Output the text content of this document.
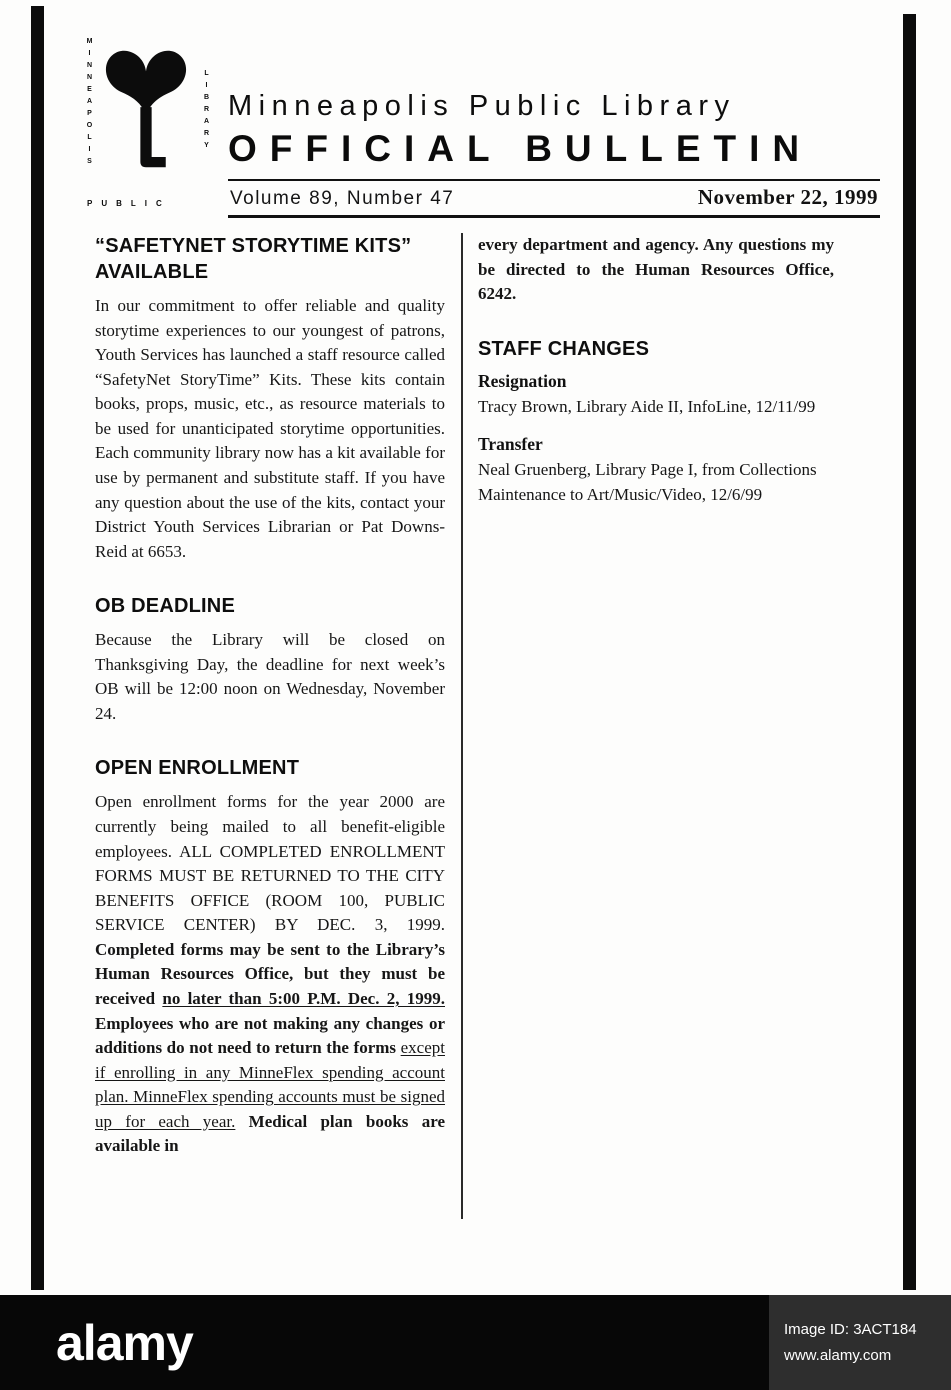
MINNEAPOLIS	LIBRARY
PUBLIC
Minneapolis Public Library
OFFICIAL BULLETIN
Volume 89, Number 47	November 22, 1999
“SAFETYNET STORYTIME KITS”
AVAILABLE

In our commitment to offer reliable and quality storytime experiences to our youngest of patrons, Youth Services has launched a staff resource called “SafetyNet StoryTime” Kits. These kits contain books, props, music, etc., as resource materials to be used for unanticipated storytime opportunities. Each community library now has a kit available for use by permanent and substitute staff. If you have any question about the use of the kits, contact your District Youth Services Librarian or Pat Downs-Reid at 6653.

OB DEADLINE

Because the Library will be closed on Thanksgiving Day, the deadline for next week’s OB will be 12:00 noon on Wednesday, November 24.

OPEN ENROLLMENT

Open enrollment forms for the year 2000 are currently being mailed to all benefit-eligible employees. ALL COMPLETED ENROLLMENT FORMS MUST BE RETURNED TO THE CITY BENEFITS OFFICE (ROOM 100, PUBLIC SERVICE CENTER) BY DEC. 3, 1999. Completed forms may be sent to the Library’s Human Resources Office, but they must be received no later than 5:00 P.M. Dec. 2, 1999. Employees who are not making any changes or additions do not need to return the forms except if enrolling in any MinneFlex spending account plan. MinneFlex spending accounts must be signed up for each year. Medical plan books are available in

every department and agency. Any questions my be directed to the Human Resources Office, 6242.

STAFF CHANGES
Resignation

Tracy Brown, Library Aide II, InfoLine, 12/11/99

Transfer

Neal Gruenberg, Library Page I, from Collections Maintenance to Art/Music/Video, 12/6/99

alamy	Image ID: 3ACT184
www.alamy.com
